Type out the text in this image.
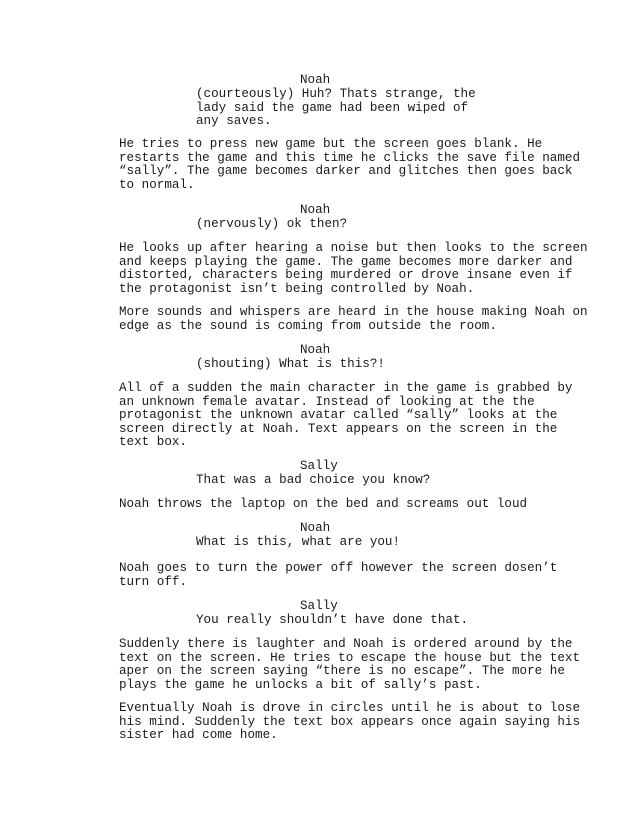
Noah
(courteously) Huh? Thats strange, the
lady said the game had been wiped of
any saves.
He tries to press new game but the screen goes blank. He
restarts the game and this time he clicks the save file named
“sally”. The game becomes darker and glitches then goes back
to normal.
Noah
(nervously) ok then?
He looks up after hearing a noise but then looks to the screen
and keeps playing the game. The game becomes more darker and
distorted, characters being murdered or drove insane even if
the protagonist isn’t being controlled by Noah.
More sounds and whispers are heard in the house making Noah on
edge as the sound is coming from outside the room.
Noah
(shouting) What is this?!
All of a sudden the main character in the game is grabbed by
an unknown female avatar. Instead of looking at the the
protagonist the unknown avatar called “sally” looks at the
screen directly at Noah. Text appears on the screen in the
text box.
Sally
That was a bad choice you know?
Noah throws the laptop on the bed and screams out loud
Noah
What is this, what are you!
Noah goes to turn the power off however the screen dosen’t
turn off.
Sally
You really shouldn’t have done that.
Suddenly there is laughter and Noah is ordered around by the
text on the screen. He tries to escape the house but the text
aper on the screen saying “there is no escape”. The more he
plays the game he unlocks a bit of sally’s past.
Eventually Noah is drove in circles until he is about to lose
his mind. Suddenly the text box appears once again saying his
sister had come home.
